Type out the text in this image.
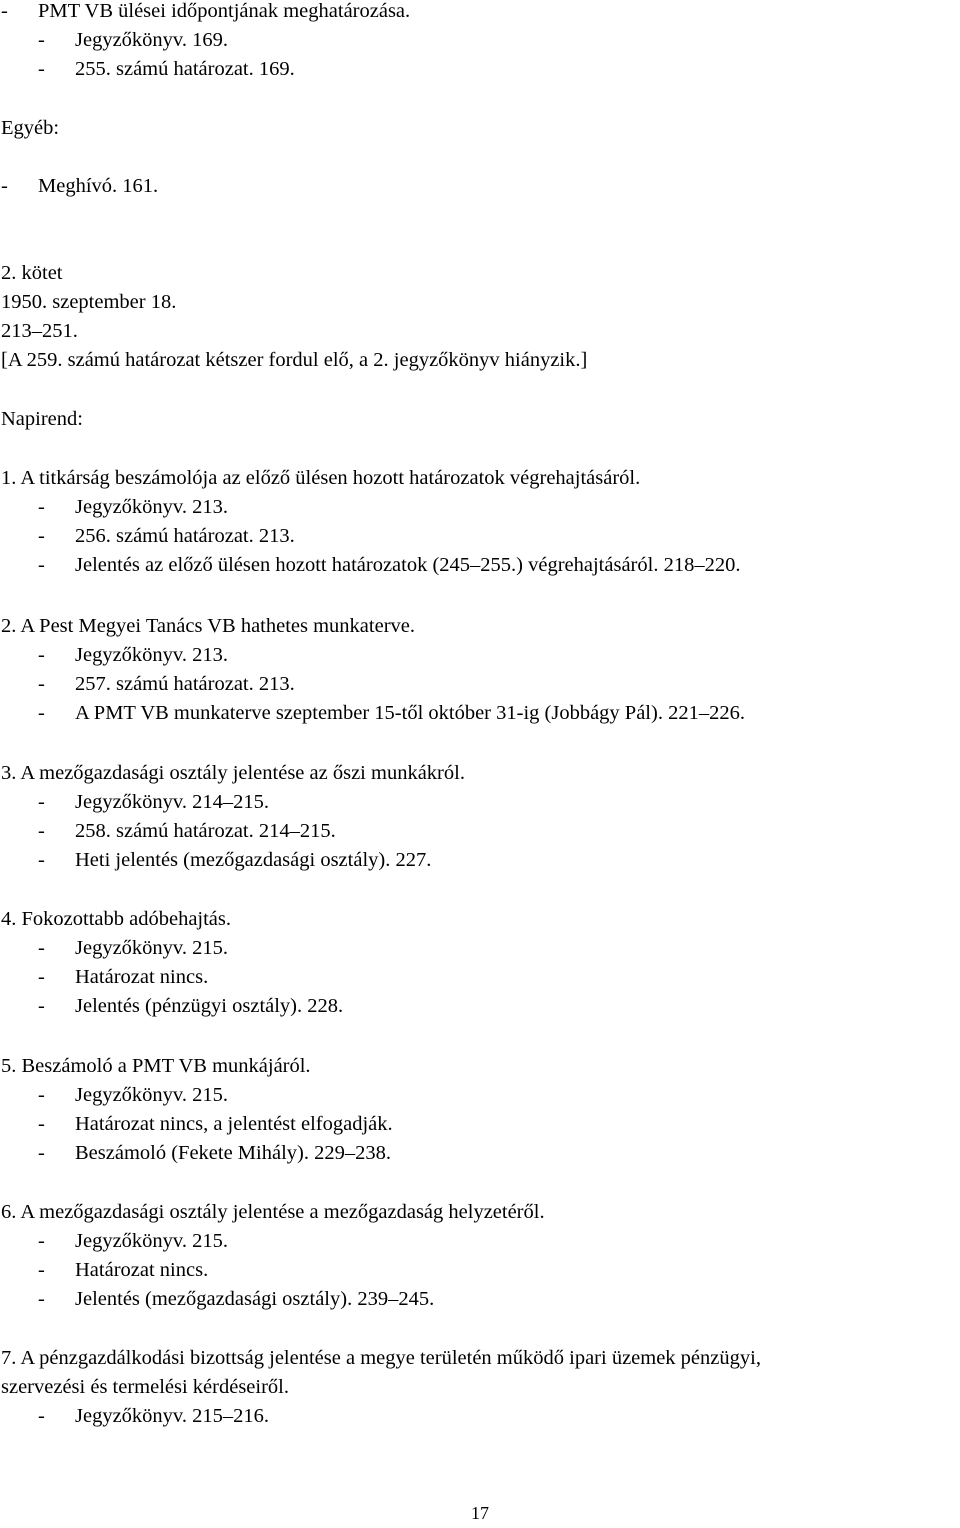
- PMT VB ülései időpontjának meghatározása.
- Jegyzőkönyv. 169.
- 255. számú határozat. 169.
Egyéb:
- Meghívó. 161.
2. kötet
1950. szeptember 18.
213–251.
[A 259. számú határozat kétszer fordul elő, a 2. jegyzőkönyv hiányzik.]
Napirend:
1. A titkárság beszámolója az előző ülésen hozott határozatok végrehajtásáról.
- Jegyzőkönyv. 213.
- 256. számú határozat. 213.
- Jelentés az előző ülésen hozott határozatok (245–255.) végrehajtásáról. 218–220.
2. A Pest Megyei Tanács VB hathetes munkaterve.
- Jegyzőkönyv. 213.
- 257. számú határozat. 213.
- A PMT VB munkaterve szeptember 15-től október 31-ig (Jobbágy Pál). 221–226.
3. A mezőgazdasági osztály jelentése az őszi munkákról.
- Jegyzőkönyv. 214–215.
- 258. számú határozat. 214–215.
- Heti jelentés (mezőgazdasági osztály). 227.
4. Fokozottabb adóbehajtás.
- Jegyzőkönyv. 215.
- Határozat nincs.
- Jelentés (pénzügyi osztály). 228.
5. Beszámoló a PMT VB munkájáról.
- Jegyzőkönyv. 215.
- Határozat nincs, a jelentést elfogadják.
- Beszámoló (Fekete Mihály). 229–238.
6. A mezőgazdasági osztály jelentése a mezőgazdaság helyzetéről.
- Jegyzőkönyv. 215.
- Határozat nincs.
- Jelentés (mezőgazdasági osztály). 239–245.
7. A pénzgazdálkodási bizottság jelentése a megye területén működő ipari üzemek pénzügyi,
szervezési és termelési kérdéseiről.
- Jegyzőkönyv. 215–216.
17
